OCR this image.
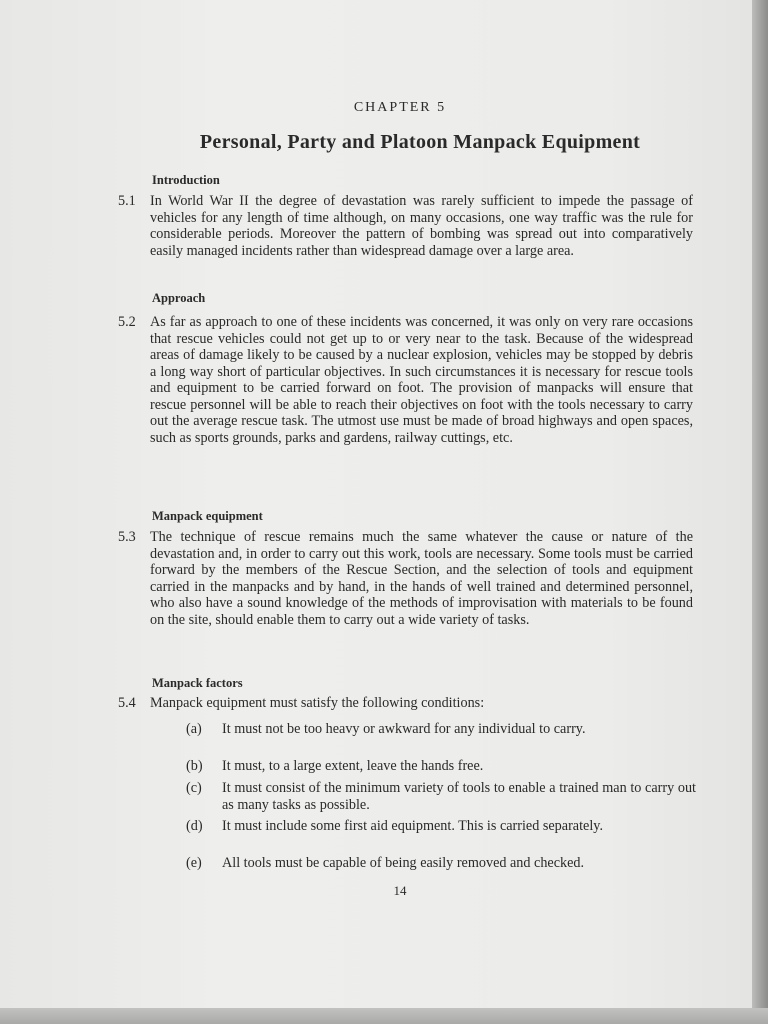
CHAPTER 5
Personal, Party and Platoon Manpack Equipment
Introduction
5.1 In World War II the degree of devastation was rarely sufficient to impede the passage of vehicles for any length of time although, on many occasions, one way traffic was the rule for considerable periods. Moreover the pattern of bombing was spread out into comparatively easily managed incidents rather than widespread damage over a large area.
Approach
5.2 As far as approach to one of these incidents was concerned, it was only on very rare occasions that rescue vehicles could not get up to or very near to the task. Because of the widespread areas of damage likely to be caused by a nuclear explosion, vehicles may be stopped by debris a long way short of particular objectives. In such circumstances it is necessary for rescue tools and equipment to be carried forward on foot. The provision of manpacks will ensure that rescue personnel will be able to reach their objectives on foot with the tools necessary to carry out the average rescue task. The utmost use must be made of broad highways and open spaces, such as sports grounds, parks and gardens, railway cuttings, etc.
Manpack equipment
5.3 The technique of rescue remains much the same whatever the cause or nature of the devastation and, in order to carry out this work, tools are necessary. Some tools must be carried forward by the members of the Rescue Section, and the selection of tools and equipment carried in the manpacks and by hand, in the hands of well trained and determined personnel, who also have a sound knowledge of the methods of improvisation with materials to be found on the site, should enable them to carry out a wide variety of tasks.
Manpack factors
5.4 Manpack equipment must satisfy the following conditions:
(a) It must not be too heavy or awkward for any individual to carry.
(b) It must, to a large extent, leave the hands free.
(c) It must consist of the minimum variety of tools to enable a trained man to carry out as many tasks as possible.
(d) It must include some first aid equipment. This is carried separately.
(e) All tools must be capable of being easily removed and checked.
14
